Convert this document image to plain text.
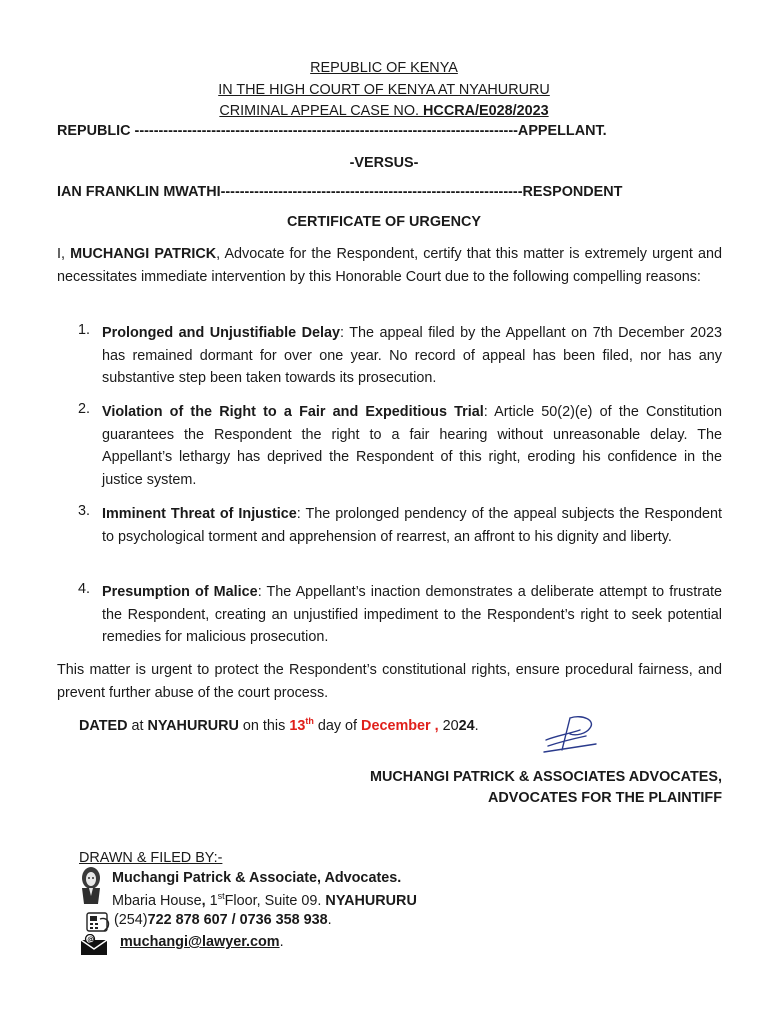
REPUBLIC OF KENYA
IN THE HIGH COURT OF KENYA AT NYAHURURU
CRIMINAL APPEAL CASE NO. HCCRA/E028/2023
REPUBLIC --------------------------------------------------------------------------------APPELLANT.
-VERSUS-
IAN FRANKLIN MWATHI---------------------------------------------------------------RESPONDENT
CERTIFICATE OF URGENCY
I, MUCHANGI PATRICK, Advocate for the Respondent, certify that this matter is extremely urgent and necessitates immediate intervention by this Honorable Court due to the following compelling reasons:
1. Prolonged and Unjustifiable Delay: The appeal filed by the Appellant on 7th December 2023 has remained dormant for over one year. No record of appeal has been filed, nor has any substantive step been taken towards its prosecution.
2. Violation of the Right to a Fair and Expeditious Trial: Article 50(2)(e) of the Constitution guarantees the Respondent the right to a fair hearing without unreasonable delay. The Appellant’s lethargy has deprived the Respondent of this right, eroding his confidence in the justice system.
3. Imminent Threat of Injustice: The prolonged pendency of the appeal subjects the Respondent to psychological torment and apprehension of rearrest, an affront to his dignity and liberty.
4. Presumption of Malice: The Appellant’s inaction demonstrates a deliberate attempt to frustrate the Respondent, creating an unjustified impediment to the Respondent’s right to seek potential remedies for malicious prosecution.
This matter is urgent to protect the Respondent’s constitutional rights, ensure procedural fairness, and prevent further abuse of the court process.
DATED at NYAHURURU on this 13th day of December , 2024.
MUCHANGI PATRICK & ASSOCIATES ADVOCATES,
ADVOCATES FOR THE PLAINTIFF
DRAWN & FILED BY:-
Muchangi Patrick & Associate, Advocates.
Mbaria House, 1stFloor, Suite 09. NYAHURURU
(254)722 878 607 / 0736 358 938.
@ muchangi@lawyer.com.
